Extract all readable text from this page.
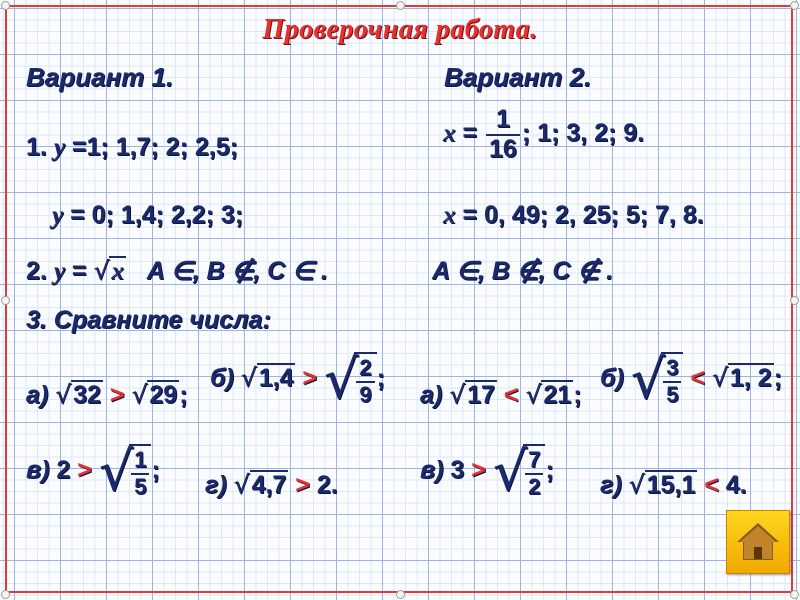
Проверочная работа.
Вариант 1.	Вариант 2.
1. y =1; 1,7; 2; 2,5;
y = 0; 1,4; 2,2; 3;
$x = \frac{1}{16}$ ; 1; 3, 2; 9.
x = 0, 49; 2, 25; 5; 7, 8.
2. y = √x A ∈, B ∉, C ∈ .	A ∈, B ∉, C ∉ .
3. Сравните числа:
а) √32 > √29;
б) √1,4 > √
$\frac{2}{9}$ ;
а) √17 < √21;
б) √
$\frac{3}{5} < √1$, 2;
в) 2 > √
$\frac{1}{5}$ ;
г) √4,7 > 2.
в) 3 > √
$\frac{7}{2}$ ;
г) √15,1 < 4.
